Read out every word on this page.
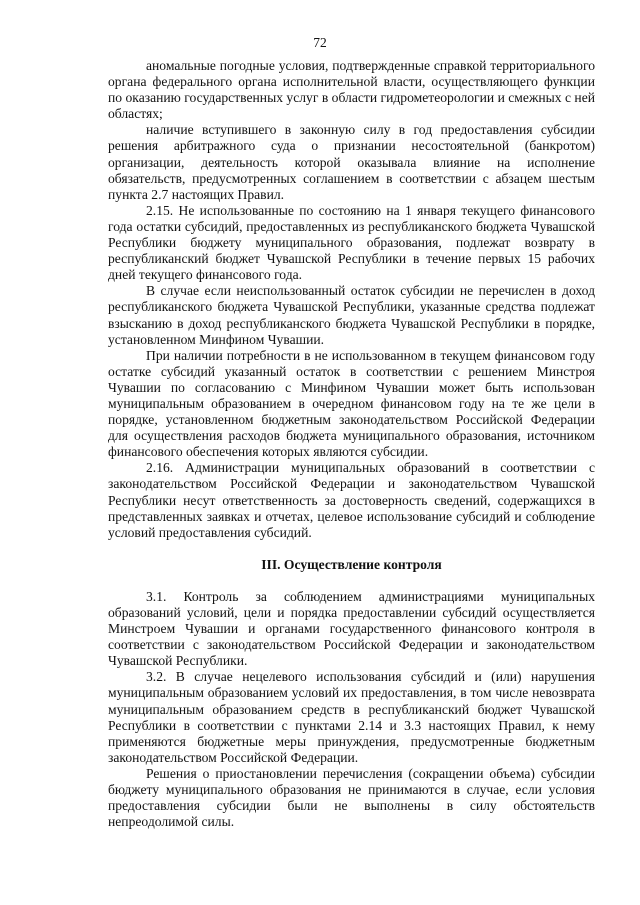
72

аномальные погодные условия, подтвержденные справкой территориального органа федерального органа исполнительной власти, осуществляющего функции по оказанию государственных услуг в области гидрометеорологии и смежных с ней областях;

наличие вступившего в законную силу в год предоставления субсидии решения арбитражного суда о признании несостоятельной (банкротом) организации, деятельность которой оказывала влияние на исполнение обязательств, предусмотренных соглашением в соответствии с абзацем шестым пункта 2.7 настоящих Правил.

2.15. Не использованные по состоянию на 1 января текущего финансового года остатки субсидий, предоставленных из республиканского бюджета Чувашской Республики бюджету муниципального образования, подлежат возврату в республиканский бюджет Чувашской Республики в течение первых 15 рабочих дней текущего финансового года.

В случае если неиспользованный остаток субсидии не перечислен в доход республиканского бюджета Чувашской Республики, указанные средства подлежат взысканию в доход республиканского бюджета Чувашской Республики в порядке, установленном Минфином Чувашии.

При наличии потребности в не использованном в текущем финансовом году остатке субсидий указанный остаток в соответствии с решением Минстроя Чувашии по согласованию с Минфином Чувашии может быть использован муниципальным образованием в очередном финансовом году на те же цели в порядке, установленном бюджетным законодательством Российской Федерации для осуществления расходов бюджета муниципального образования, источником финансового обеспечения которых являются субсидии.

2.16. Администрации муниципальных образований в соответствии с законодательством Российской Федерации и законодательством Чувашской Республики несут ответственность за достоверность сведений, содержащихся в представленных заявках и отчетах, целевое использование субсидий и соблюдение условий предоставления субсидий.

III. Осуществление контроля

3.1. Контроль за соблюдением администрациями муниципальных образований условий, цели и порядка предоставлении субсидий осуществляется Минстроем Чувашии и органами государственного финансового контроля в соответствии с законодательством Российской Федерации и законодательством Чувашской Республики.

3.2. В случае нецелевого использования субсидий и (или) нарушения муниципальным образованием условий их предоставления, в том числе невозврата муниципальным образованием средств в республиканский бюджет Чувашской Республики в соответствии с пунктами 2.14 и 3.3 настоящих Правил, к нему применяются бюджетные меры принуждения, предусмотренные бюджетным законодательством Российской Федерации.

Решения о приостановлении перечисления (сокращении объема) субсидии бюджету муниципального образования не принимаются в случае, если условия предоставления субсидии были не выполнены в силу обстоятельств непреодолимой силы.
